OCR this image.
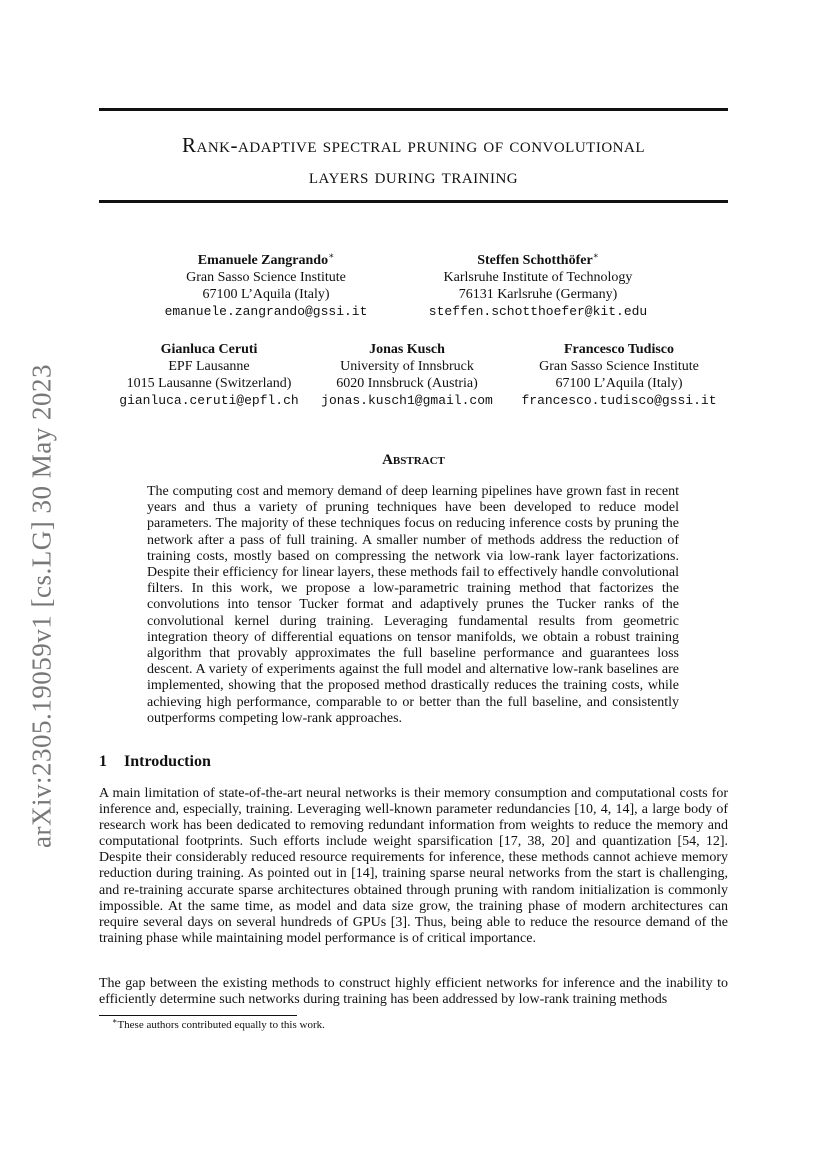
Rank-adaptive spectral pruning of convolutional
layers during training
arXiv:2305.19059v1 [cs.LG] 30 May 2023
Emanuele Zangrando∗
Gran Sasso Science Institute
67100 L’Aquila (Italy)
emanuele.zangrando@gssi.it
Steffen Schotthöfer∗
Karlsruhe Institute of Technology
76131 Karlsruhe (Germany)
steffen.schotthoefer@kit.edu
Gianluca Ceruti
EPF Lausanne
1015 Lausanne (Switzerland)
gianluca.ceruti@epfl.ch
Jonas Kusch
University of Innsbruck
6020 Innsbruck (Austria)
jonas.kusch1@gmail.com
Francesco Tudisco
Gran Sasso Science Institute
67100 L’Aquila (Italy)
francesco.tudisco@gssi.it
Abstract

The computing cost and memory demand of deep learning pipelines have grown fast in recent years and thus a variety of pruning techniques have been developed to reduce model parameters. The majority of these techniques focus on reducing inference costs by pruning the network after a pass of full training. A smaller number of methods address the reduction of training costs, mostly based on compressing the network via low-rank layer factorizations. Despite their efficiency for linear layers, these methods fail to effectively handle convolutional filters. In this work, we propose a low-parametric training method that factorizes the convolutions into tensor Tucker format and adaptively prunes the Tucker ranks of the convolutional kernel during training. Leveraging fundamental results from geometric integration theory of differential equations on tensor manifolds, we obtain a robust training algorithm that provably approximates the full baseline performance and guarantees loss descent. A variety of experiments against the full model and alternative low-rank baselines are implemented, showing that the proposed method drastically reduces the training costs, while achieving high performance, comparable to or better than the full baseline, and consistently outperforms competing low-rank approaches.

1 Introduction

A main limitation of state-of-the-art neural networks is their memory consumption and computational costs for inference and, especially, training. Leveraging well-known parameter redundancies [10, 4, 14], a large body of research work has been dedicated to removing redundant information from weights to reduce the memory and computational footprints. Such efforts include weight sparsification [17, 38, 20] and quantization [54, 12]. Despite their considerably reduced resource requirements for inference, these methods cannot achieve memory reduction during training. As pointed out in [14], training sparse neural networks from the start is challenging, and re-training accurate sparse architectures obtained through pruning with random initialization is commonly impossible. At the same time, as model and data size grow, the training phase of modern architectures can require several days on several hundreds of GPUs [3]. Thus, being able to reduce the resource demand of the training phase while maintaining model performance is of critical importance.

The gap between the existing methods to construct highly efficient networks for inference and the inability to efficiently determine such networks during training has been addressed by low-rank training methods

∗These authors contributed equally to this work.
